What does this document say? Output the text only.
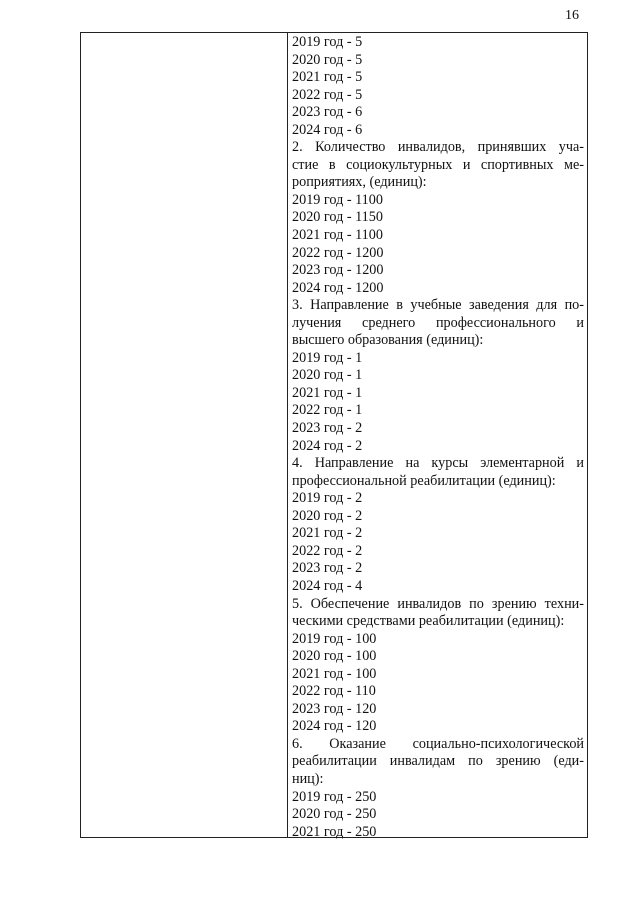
16
2019 год - 5
2020 год - 5
2021 год - 5
2022 год - 5
2023 год - 6
2024 год - 6
2. Количество инвалидов, принявших уча-
стие в социокультурных и спортивных ме-
роприятиях, (единиц):
2019 год - 1100
2020 год - 1150
2021 год - 1100
2022 год - 1200
2023 год - 1200
2024 год - 1200
3. Направление в учебные заведения для по-
лучения среднего профессионального и
высшего образования (единиц):
2019 год - 1
2020 год - 1
2021 год - 1
2022 год - 1
2023 год - 2
2024 год - 2
4. Направление на курсы элементарной и
профессиональной реабилитации (единиц):
2019 год - 2
2020 год - 2
2021 год - 2
2022 год - 2
2023 год - 2
2024 год - 4
5. Обеспечение инвалидов по зрению техни-
ческими средствами реабилитации (единиц):
2019 год - 100
2020 год - 100
2021 год - 100
2022 год - 110
2023 год - 120
2024 год - 120
6. Оказание социально-психологической
реабилитации инвалидам по зрению (еди-
ниц):
2019 год - 250
2020 год - 250
2021 год - 250
